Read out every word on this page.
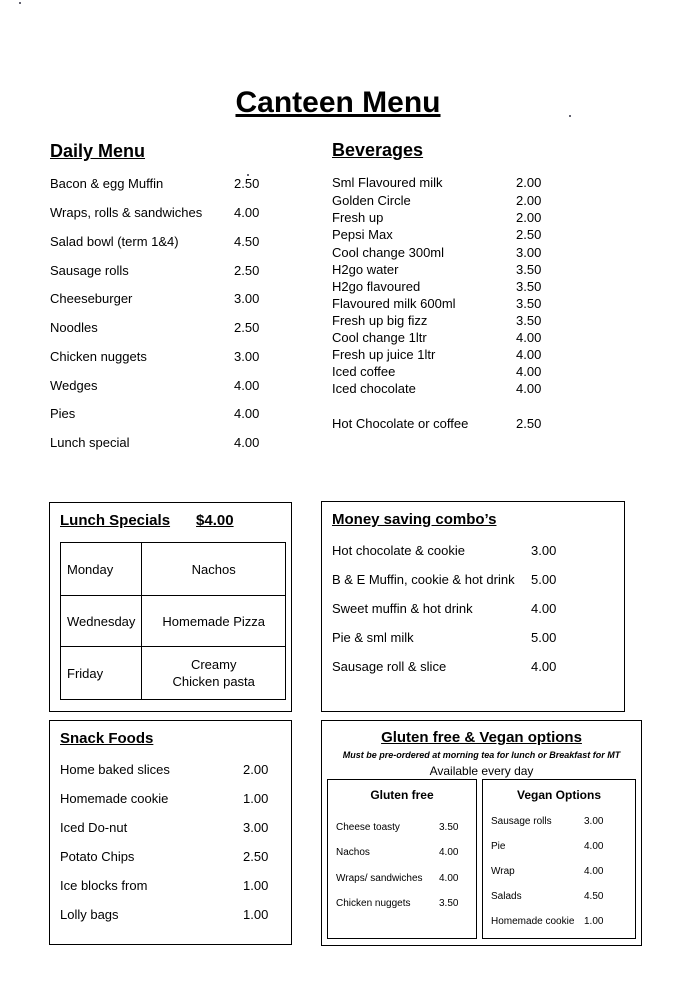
Canteen Menu
Daily Menu
Bacon & egg Muffin	2.50
Wraps, rolls & sandwiches 4.00
Salad bowl (term 1&4)	4.50
Sausage rolls	2.50
Cheeseburger	3.00
Noodles	2.50
Chicken nuggets	3.00
Wedges	4.00
Pies	4.00
Lunch special	4.00
Beverages
Sml Flavoured milk	2.00
Golden Circle	2.00
Fresh up	2.00
Pepsi Max	2.50
Cool change 300ml	3.00
H2go water	3.50
H2go flavoured	3.50
Flavoured milk 600ml	3.50
Fresh up big fizz	3.50
Cool change 1ltr	4.00
Fresh up juice 1ltr	4.00
Iced coffee	4.00
Iced chocolate	4.00
Hot Chocolate or coffee	2.50
Lunch Specials $4.00
Monday	Nachos
Wednesday	Homemade Pizza
Friday	Creamy
Chicken pasta
Money saving combo’s
Hot chocolate & cookie	3.00
B & E Muffin, cookie & hot drink 5.00
Sweet muffin & hot drink	4.00
Pie & sml milk	5.00
Sausage roll & slice	4.00
Snack Foods
Home baked slices	2.00
Homemade cookie	1.00
Iced Do-nut	3.00
Potato Chips	2.50
Ice blocks from	1.00
Lolly bags	1.00
Gluten free & Vegan options
Must be pre-ordered at morning tea for lunch or Breakfast for MT
Available every day
Gluten free
Cheese toasty	3.50
Nachos	4.00
Wraps/ sandwiches 4.00
Chicken nuggets	3.50
Vegan Options
Sausage rolls	3.00
Pie	4.00
Wrap	4.00
Salads	4.50
Homemade cookie 1.00
